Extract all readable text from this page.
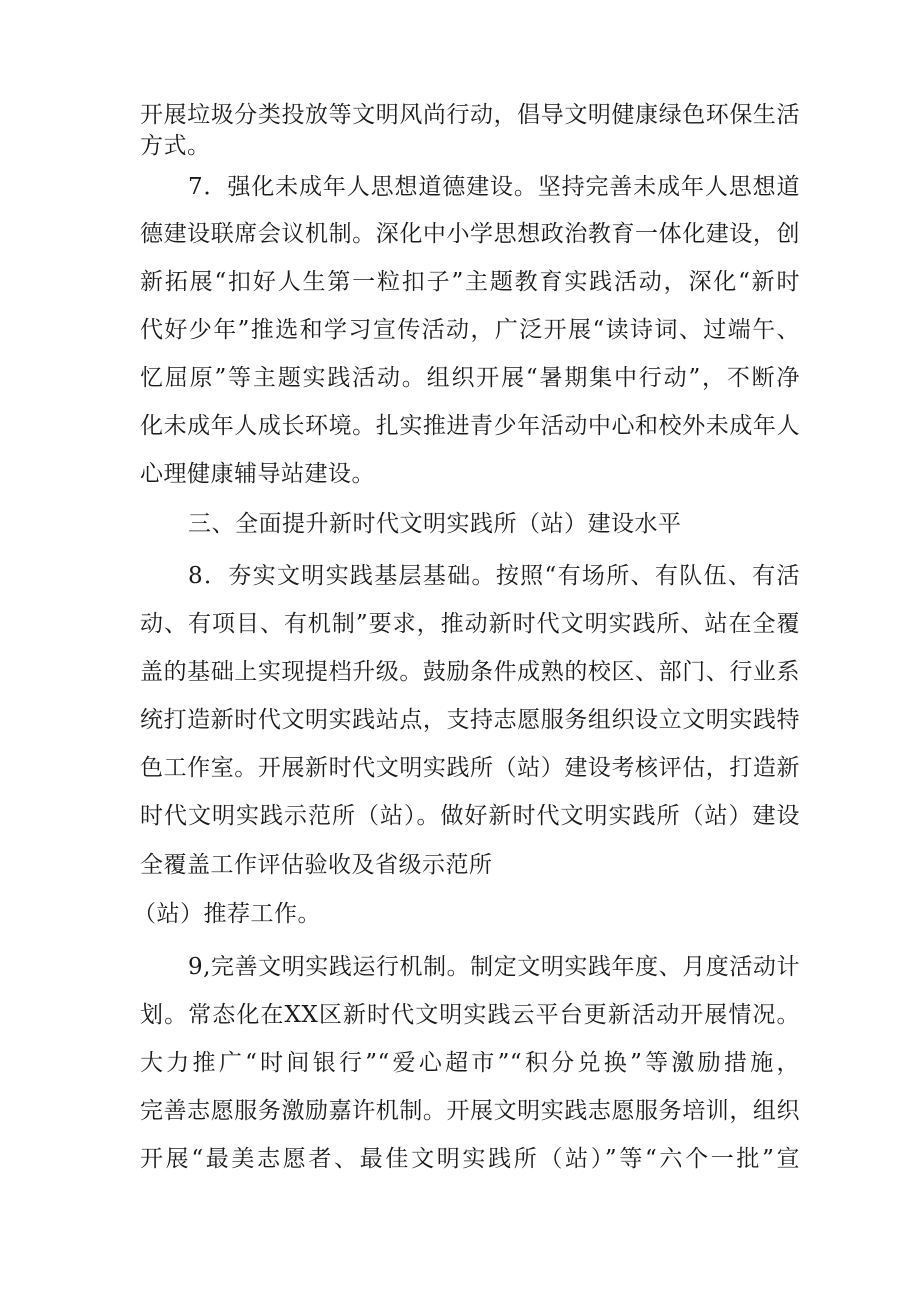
开展垃圾分类投放等文明风尚行动，倡导文明健康绿色环保生活
方式。
7．强化未成年人思想道德建设。坚持完善未成年人思想道
德建设联席会议机制。深化中小学思想政治教育一体化建设，创
新拓展“扣好人生第一粒扣子”主题教育实践活动，深化“新时
代好少年”推选和学习宣传活动，广泛开展“读诗词、过端午、
忆屈原”等主题实践活动。组织开展“暑期集中行动”，不断净
化未成年人成长环境。扎实推进青少年活动中心和校外未成年人
心理健康辅导站建设。
三、全面提升新时代文明实践所（站）建设水平
8．夯实文明实践基层基础。按照“有场所、有队伍、有活
动、有项目、有机制”要求，推动新时代文明实践所、站在全覆
盖的基础上实现提档升级。鼓励条件成熟的校区、部门、行业系
统打造新时代文明实践站点，支持志愿服务组织设立文明实践特
色工作室。开展新时代文明实践所（站）建设考核评估，打造新
时代文明实践示范所（站）。做好新时代文明实践所（站）建设
全覆盖工作评估验收及省级示范所
（站）推荐工作。
9,完善文明实践运行机制。制定文明实践年度、月度活动计
划。常态化在XX区新时代文明实践云平台更新活动开展情况。
大力推广“时间银行”“爱心超市”“积分兑换”等激励措施，
完善志愿服务激励嘉许机制。开展文明实践志愿服务培训，组织
开展“最美志愿者、最佳文明实践所（站）”等“六个一批”宣
